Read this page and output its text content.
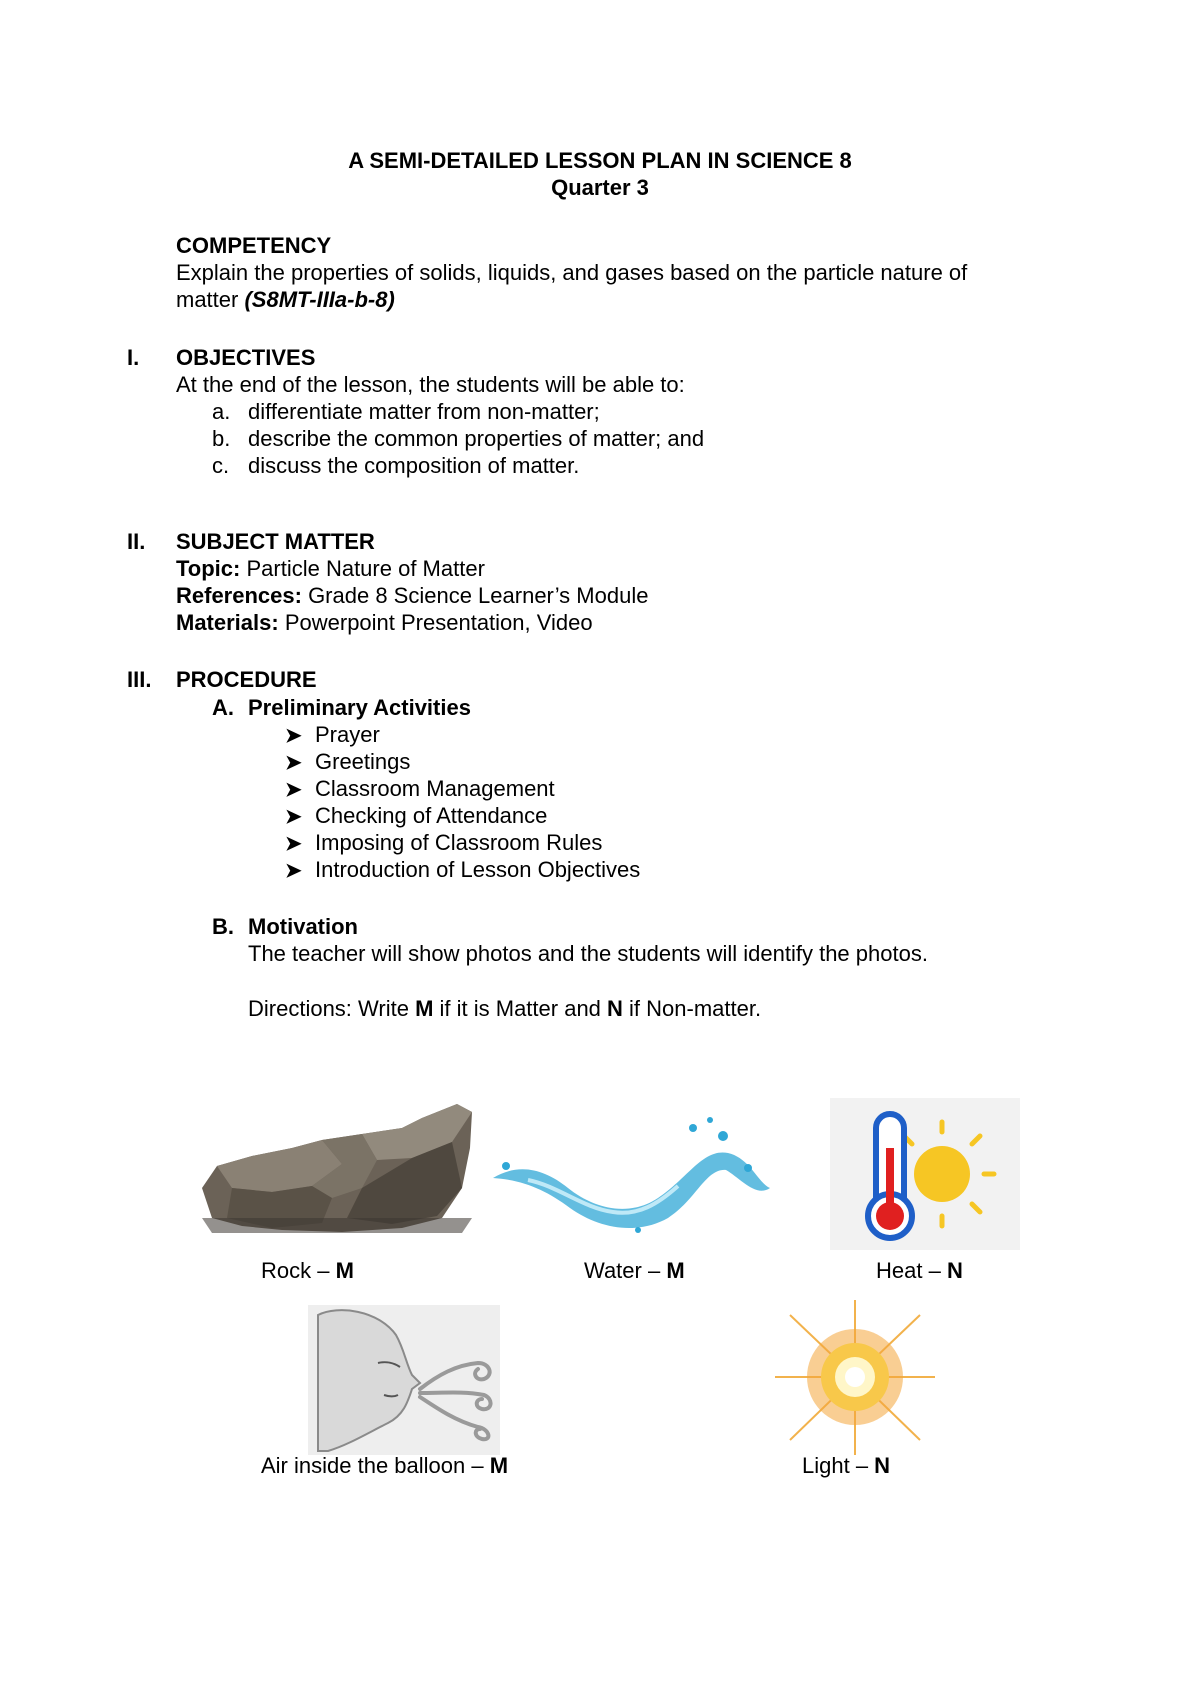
A SEMI-DETAILED LESSON PLAN IN SCIENCE 8
Quarter 3
COMPETENCY
Explain the properties of solids, liquids, and gases based on the particle nature of
matter (S8MT-IIIa-b-8)
I. OBJECTIVES
At the end of the lesson, the students will be able to:
a. differentiate matter from non-matter;
b. describe the common properties of matter; and
c. discuss the composition of matter.
II. SUBJECT MATTER
Topic: Particle Nature of Matter
References: Grade 8 Science Learner’s Module
Materials: Powerpoint Presentation, Video
III. PROCEDURE
A. Preliminary Activities
➤ Prayer
➤ Greetings
➤ Classroom Management
➤ Checking of Attendance
➤ Imposing of Classroom Rules
➤ Introduction of Lesson Objectives
B. Motivation
The teacher will show photos and the students will identify the photos.
Directions: Write M if it is Matter and N if Non-matter.
Rock – M	Water – M	Heat – N
Air inside the balloon – M	Light – N
